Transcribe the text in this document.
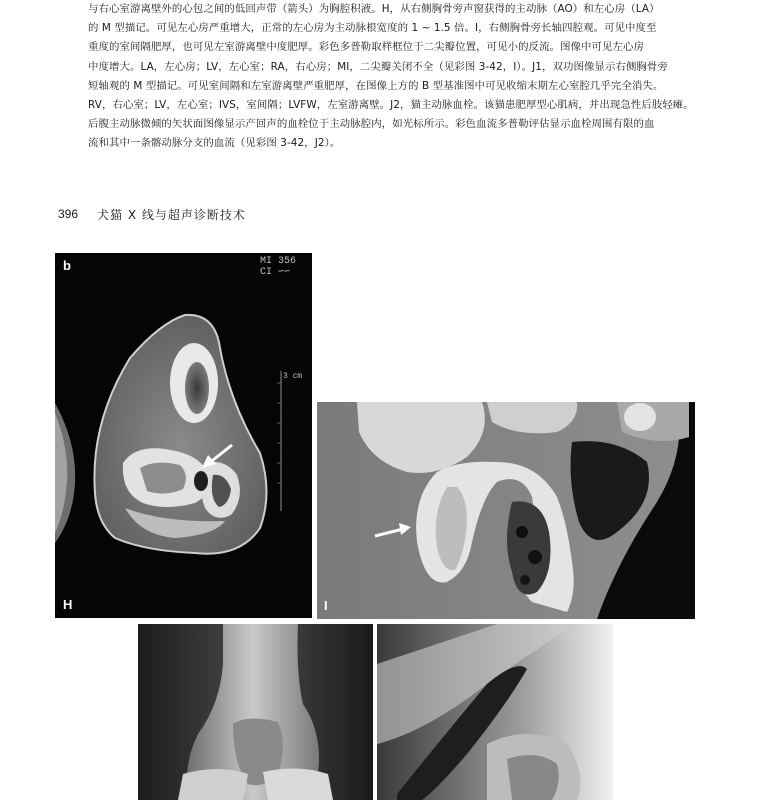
与右心室游离壁外的心包之间的低回声带（箭头）为胸腔积液。H，从右侧胸骨旁声窗获得的主动脉（AO）和左心房（LA）

的 M 型描记。可见左心房严重增大，正常的左心房为主动脉根宽度的 1 ~ 1.5 倍。I，右侧胸骨旁长轴四腔观。可见中度至

重度的室间隔肥厚，也可见左室游离壁中度肥厚。彩色多普勒取样框位于二尖瓣位置，可见小的反流。图像中可见左心房

中度增大。LA，左心房；LV，左心室；RA，右心房；MI，二尖瓣关闭不全（见彩图 3-42，I）。J1，双功图像显示右侧胸骨旁

短轴观的 M 型描记。可见室间隔和左室游离壁严重肥厚，在图像上方的 B 型基准图中可见收缩末期左心室腔几乎完全消失。

RV，右心室；LV，左心室；IVS，室间隔；LVFW，左室游离壁。J2，猫主动脉血栓。该猫患肥厚型心肌病，并出现急性后肢轻瘫。

后腹主动脉微倾的矢状面图像显示产回声的血栓位于主动脉腔内，如光标所示。彩色血流多普勒评估显示血栓周围有限的血

流和其中一条髂动脉分支的血流（见彩图 3-42，J2）。

396 犬猫 X 线与超声诊断技术
b	MI 356
CI ∽∽
3 cm
H	I
